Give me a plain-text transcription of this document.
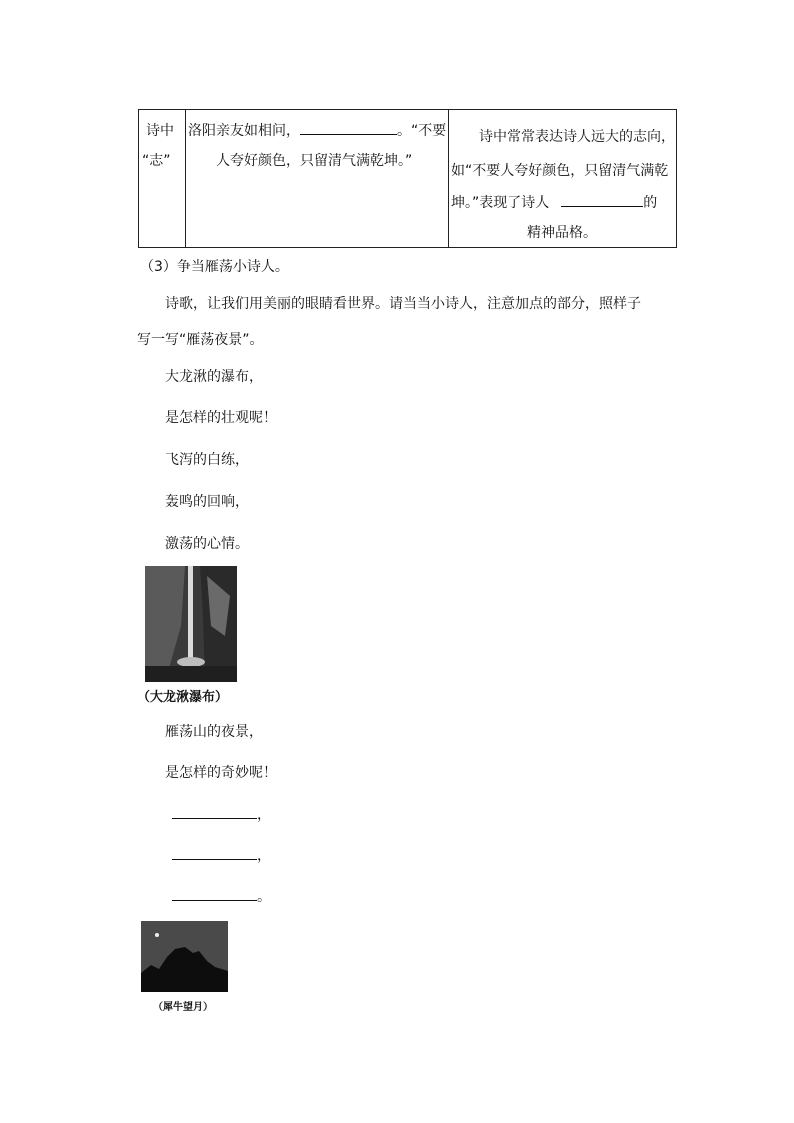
诗中
“志”

洛阳亲友如相问，	。“不要
人夸好颜色，只留清气满乾坤。”

诗中常常表达诗人远大的志向，
如“不要人夸好颜色，只留清气满乾
坤。”表现了诗人	的
精神品格。
（3）争当雁荡小诗人。
诗歌，让我们用美丽的眼睛看世界。请当当小诗人，注意加点的部分，照样子
写一写“雁荡夜景”。
大龙湫的瀑布，
是怎样的壮观呢！
飞泻的白练，
轰鸣的回响，
激荡的心情。
（大龙湫瀑布）
雁荡山的夜景，
是怎样的奇妙呢！
，
，
。
（犀牛望月）
